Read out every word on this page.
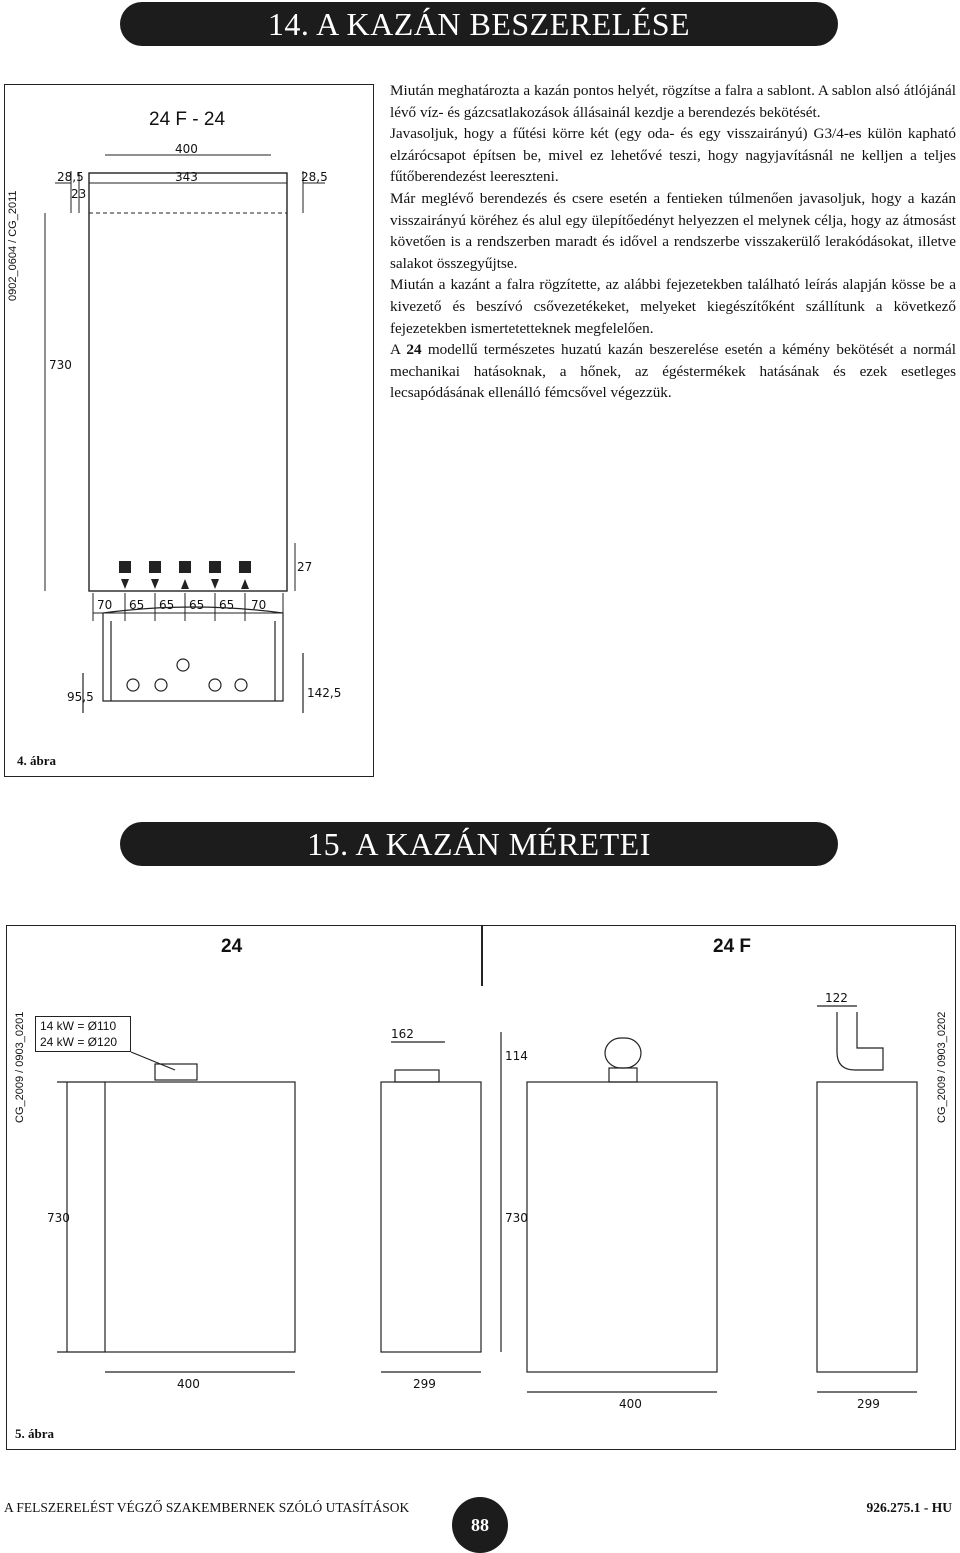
14. A KAZÁN BESZERELÉSE
0902_0604 / CG_2011
24 F - 24
400
343
28,5	28,5
23
730
27
70 65 65 65 65 70
95,5	142,5
4. ábra

Miután meghatározta a kazán pontos helyét, rögzítse a falra a sablont. A sablon alsó átlójánál lévő víz- és gázcsatlakozások állásainál kezdje a berendezés bekötését.

Javasoljuk, hogy a fűtési körre két (egy oda- és egy visszairányú) G3/4-es külön kapható elzárócsapot építsen be, mivel ez lehetővé teszi, hogy nagyjavításnál ne kelljen a teljes fűtőberendezést leereszteni.

Már meglévő berendezés és csere esetén a fentieken túlmenően javasoljuk, hogy a kazán visszairányú köréhez és alul egy ülepítőedényt helyezzen el melynek célja, hogy az átmosást követően is a rendszerben maradt és idővel a rendszerbe visszakerülő lerakódásokat, illetve salakot összegyűjtse.

Miután a kazánt a falra rögzítette, az alábbi fejezetekben található leírás alapján kösse be a kivezető és beszívó csővezetékeket, melyeket kiegészítőként szállítunk a következő fejezetekben ismertetetteknek megfelelően.

A 24 modellű természetes huzatú kazán beszerelése esetén a kémény bekötését a normál mechanikai hatásoknak, a hőnek, az égéstermékek hatásának és ezek esetleges lecsapódásának ellenálló fémcsővel végezzük.

15. A KAZÁN MÉRETEI
24	24 F
CG_2009 / 0903_0201	CG_2009 / 0903_0202
14 kW = Ø110
24 kW = Ø120
730
400	299
162
114
730
400	299
122
5. ábra
A FELSZERELÉST VÉGZŐ SZAKEMBERNEK SZÓLÓ UTASÍTÁSOK
88
926.275.1 - HU
